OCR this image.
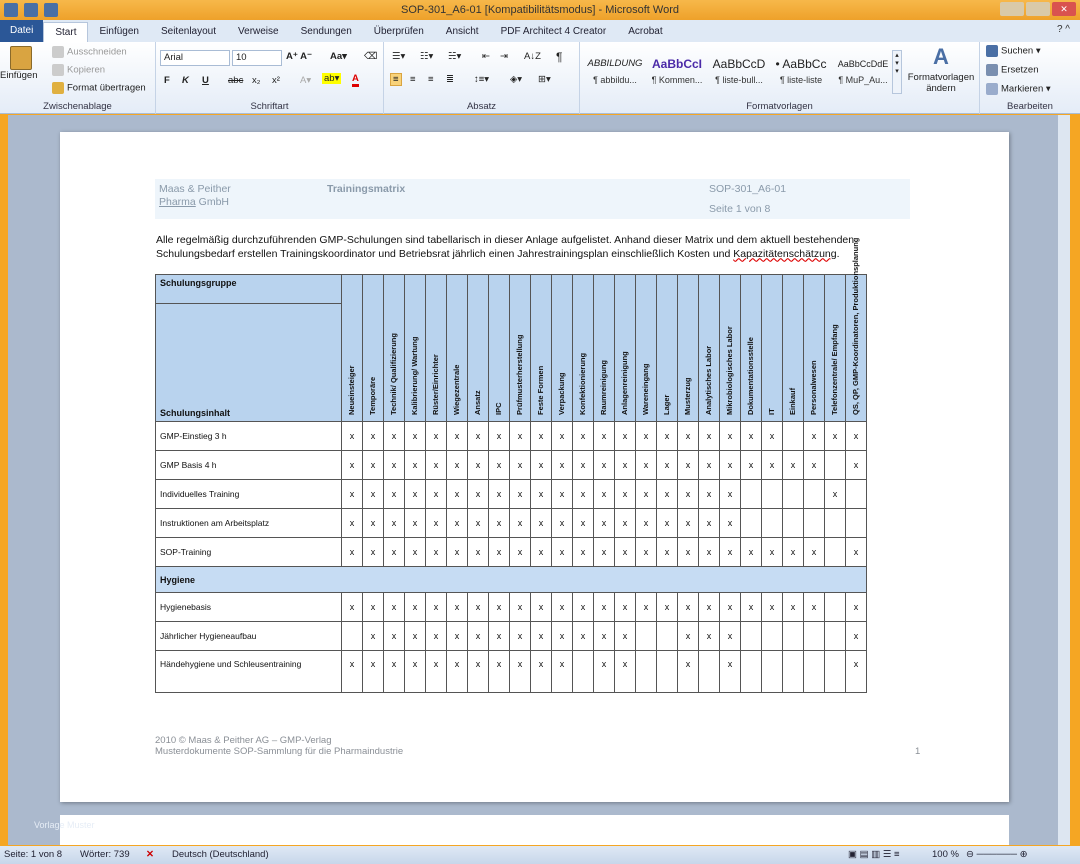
SOP-301_A6-01 [Kompatibilitätsmodus] - Microsoft Word	✕
Datei	Start	Einfügen	Seitenlayout	Verweise	Sendungen	Überprüfen	Ansicht	PDF Architect 4 Creator	Acrobat	? ^
Einfügen
Ausschneiden
Kopieren
Format übertragen
Zwischenablage
Arial	10	A⁺ A⁻ Aa▾ ⌫
F K U abc x₂ x² A▾ ab▾ A
Schriftart
☰▾ ☷▾ ☵▾ ⇤ ⇥ A↓Z ¶
≡	≡ ≡ ≣ ↕≡▾ ◈▾ ⊞▾
Absatz
ABBILDUNG
¶ abbildu...
AaBbCcI
¶ Kommen...
AaBbCcD
¶ liste-bull...
• AaBbCc
¶ liste-liste
AaBbCcDdE
¶ MuP_Au...
▴
▾
▾
A
Formatvorlagen ändern
Formatvorlagen
Suchen ▾
Ersetzen
Markieren ▾
Bearbeiten
Maas & Peither
Pharma GmbH
Trainingsmatrix	SOP-301_A6-01
Seite 1 von 8
Alle regelmäßig durchzuführenden GMP-Schulungen sind tabellarisch in dieser Anlage aufgelistet. Anhand dieser Matrix und dem aktuell bestehenden Schulungsbedarf erstellen Trainingskoordinator und Betriebsrat jährlich einen Jahrestrainingsplan einschließlich Kosten und Kapazitätenschätzung.
Schulungsgruppe	Neueinsteiger	Temporäre	Technik/ Qualifizierung	Kalibrierung/ Wartung	Rüster/Einrichter	Wiegezentrale	Ansatz	IPC	Prüfmusterherstellung	Feste Formen	Verpackung	Konfektionierung	Raumreinigung	Anlagenreinigung	Wareneingang	Lager	Musterzug	Analytisches Labor	Mikrobiologisches Labor	Dokumentationsstelle	IT	Einkauf	Personalwesen	Telefonzentrale/ Empfang	QS, QP, GMP-Koordinatoren, Produktionsplanung

Schulungsinhalt																									
GMP-Einstieg 3 h	x	x	x	x	x	x	x	x	x	x	x	x	x	x	x	x	x	x	x	x	x		x	x	x
GMP Basis 4 h	x	x	x	x	x	x	x	x	x	x	x	x	x	x	x	x	x	x	x	x	x	x	x		x
Individuelles Training	x	x	x	x	x	x	x	x	x	x	x	x	x	x	x	x	x	x	x					x	
Instruktionen am Arbeitsplatz	x	x	x	x	x	x	x	x	x	x	x	x	x	x	x	x	x	x	x						
SOP-Training	x	x	x	x	x	x	x	x	x	x	x	x	x	x	x	x	x	x	x	x	x	x	x		x
Hygiene																									
Hygienebasis	x	x	x	x	x	x	x	x	x	x	x	x	x	x	x	x	x	x	x	x	x	x	x		x
Jährlicher Hygieneaufbau		x	x	x	x	x	x	x	x	x	x	x	x	x			x	x	x						x
Händehygiene und Schleusentraining	x	x	x	x	x	x	x	x	x	x	x		x	x			x		x						x
2010 © Maas & Peither AG – GMP-Verlag
Musterdokumente SOP-Sammlung für die Pharmaindustrie	1
Vorlage Muster
Seite: 1 von 8 Wörter: 739 ✕ Deutsch (Deutschland)	▣ ▤ ▥ ☰ ≡	100 % ⊖ ────── ⊕
